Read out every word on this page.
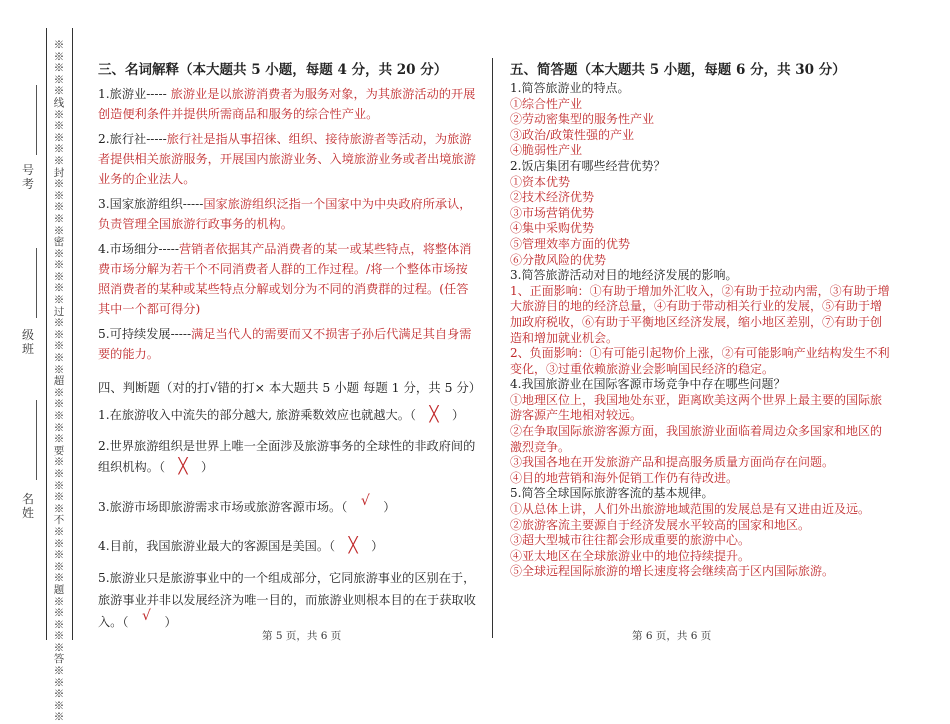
※※※※※线※※※※※封※※※※※密※※※※※过※※※※※超※※※※※要※※※※※不※※※※※题※※※※※答※※※※※
号考
级班
名姓
三、名词解释（本大题共 5 小题，每题 4 分，共 20 分）
1.旅游业----- 旅游业是以旅游消费者为服务对象，为其旅游活动的开展创造便利条件并提供所需商品和服务的综合性产业。
2.旅行社-----旅行社是指从事招徕、组织、接待旅游者等活动，为旅游者提供相关旅游服务，开展国内旅游业务、入境旅游业务或者出境旅游业务的企业法人。
3.国家旅游组织-----国家旅游组织泛指一个国家中为中央政府所承认，负责管理全国旅游行政事务的机构。
4.市场细分-----营销者依据其产品消费者的某一或某些特点，将整体消费市场分解为若干个不同消费者人群的工作过程。/将一个整体市场按照消费者的某种或某些特点分解或划分为不同的消费群的过程。(任答其中一个都可得分)
5.可持续发展-----满足当代人的需要而又不损害子孙后代满足其自身需要的能力。
四、判断题（对的打√错的打× 本大题共 5 小题 每题 1 分，共 5 分）
1.在旅游收入中流失的部分越大, 旅游乘数效应也就越大。（ ╳ ）
2.世界旅游组织是世界上唯一全面涉及旅游事务的全球性的非政府间的组织机构。（ ╳ ）
3.旅游市场即旅游需求市场或旅游客源市场。（ √ ）
4.目前，我国旅游业最大的客源国是美国。（ ╳ ）
5.旅游业只是旅游事业中的一个组成部分，它同旅游事业的区别在于，旅游事业并非以发展经济为唯一目的，而旅游业则根本目的在于获取收入。（ √ ）
五、简答题（本大题共 5 小题，每题 6 分，共 30 分）
1.简答旅游业的特点。
①综合性产业
②劳动密集型的服务性产业
③政治/政策性强的产业
④脆弱性产业
2.饭店集团有哪些经营优势？
①资本优势
②技术经济优势
③市场营销优势
④集中采购优势
⑤管理效率方面的优势
⑥分散风险的优势
3.简答旅游活动对目的地经济发展的影响。
1、正面影响：①有助于增加外汇收入，②有助于拉动内需，③有助于增大旅游目的地的经济总量，④有助于带动相关行业的发展，⑤有助于增加政府税收，⑥有助于平衡地区经济发展，缩小地区差别，⑦有助于创造和增加就业机会。
2、负面影响：①有可能引起物价上涨，②有可能影响产业结构发生不利变化，③过重依赖旅游业会影响国民经济的稳定。
4.我国旅游业在国际客源市场竞争中存在哪些问题？
①地理区位上，我国地处东亚，距离欧美这两个世界上最主要的国际旅游客源产生地相对较远。
②在争取国际旅游客源方面，我国旅游业面临着周边众多国家和地区的激烈竞争。
③我国各地在开发旅游产品和提高服务质量方面尚存在问题。
④目的地营销和海外促销工作仍有待改进。
5.简答全球国际旅游客流的基本规律。
①从总体上讲，人们外出旅游地域范围的发展总是有又进由近及远。
②旅游客流主要源自于经济发展水平较高的国家和地区。
③超大型城市往往都会形成重要的旅游中心。
④亚太地区在全球旅游业中的地位持续提升。
⑤全球远程国际旅游的增长速度将会继续高于区内国际旅游。
第 5 页，共 6 页	第 6 页，共 6 页
